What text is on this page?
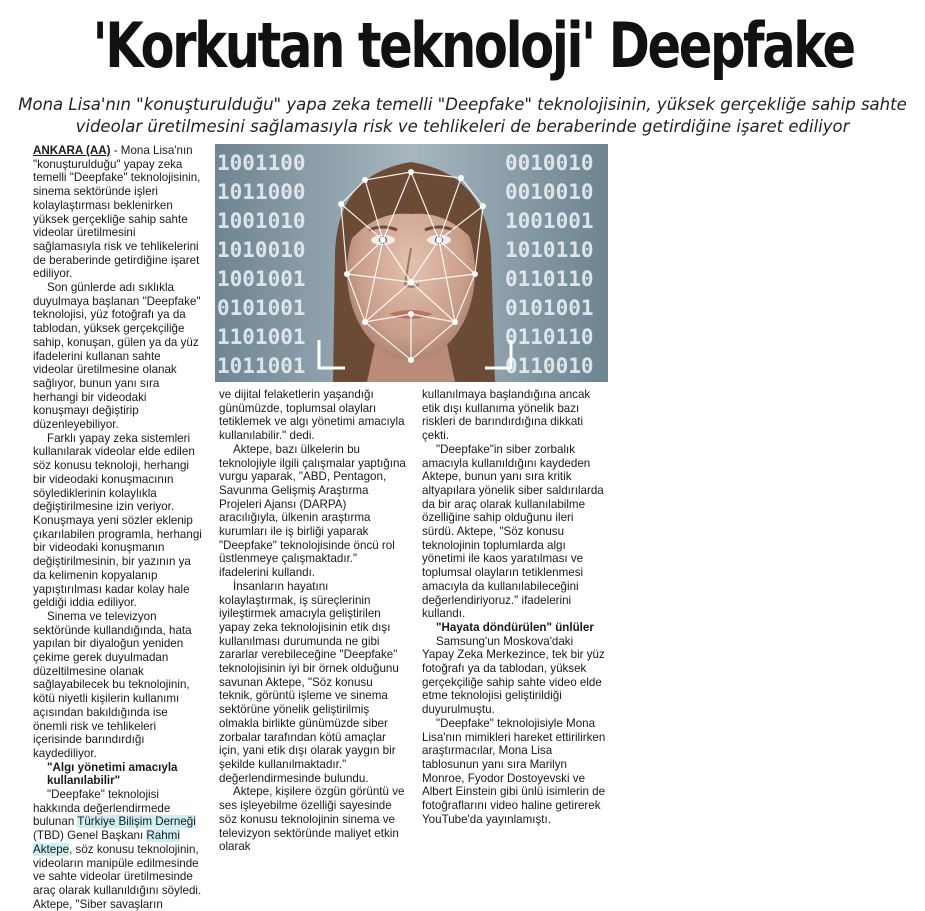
'Korkutan teknoloji' Deepfake
Mona Lisa'nın "konuşturulduğu" yapa zeka temelli "Deepfake" teknolojisinin, yüksek gerçekliğe sahip sahte videolar üretilmesini sağlamasıyla risk ve tehlikeleri de beraberinde getirdiğine işaret ediliyor

ANKARA (AA) - Mona Lisa'nın "konuşturulduğu" yapay zeka temelli "Deepfake" teknolojisinin, sinema sektöründe işleri kolaylaştırması beklenirken yüksek gerçekliğe sahip sahte videolar üretilmesini sağlamasıyla risk ve tehlikelerini de beraberinde getirdiğine işaret ediliyor.

Son günlerde adı sıklıkla duyulmaya başlanan "Deepfake" teknolojisi, yüz fotoğrafı ya da tablodan, yüksek gerçekçiliğe sahip, konuşan, gülen ya da yüz ifadelerini kullanan sahte videolar üretilmesine olanak sağlıyor, bunun yanı sıra herhangi bir videodaki konuşmayı değiştirip düzenleyebiliyor.

Farklı yapay zeka sistemleri kullanılarak videolar elde edilen söz konusu teknoloji, herhangi bir videodaki konuşmacının söylediklerinin kolaylıkla değiştirilmesine izin veriyor. Konuşmaya yeni sözler eklenip çıkarılabilen programla, herhangi bir videodaki konuşmanın değiştirilmesinin, bir yazının ya da kelimenin kopyalanıp yapıştırılması kadar kolay hale geldiği iddia ediliyor.

Sinema ve televizyon sektöründe kullandığında, hata yapılan bir diyaloğun yeniden çekime gerek duyulmadan düzeltilmesine olanak sağlayabilecek bu teknolojinin, kötü niyetli kişilerin kullanımı açısından bakıldığında ise önemli risk ve tehlikeleri içerisinde barındırdığı kaydediliyor.

"Algı yönetimi amacıyla kullanılabilir"

"Deepfake" teknolojisi hakkında değerlendirmede bulunan Türkiye Bilişim Derneği (TBD) Genel Başkanı Rahmi Aktepe, söz konusu teknolojinin, videoların manipüle edilmesinde ve sahte videolar üretilmesinde araç olarak kullanıldığını söyledi. Aktepe, "Siber savaşların

1001100	0010010
1011000	0010010
1001010	1001001
1010010	1010110
1001001	0110110
0101001	0101001
1101001	0110110
1011001	0110010

ve dijital felaketlerin yaşandığı günümüzde, toplumsal olayları tetiklemek ve algı yönetimi amacıyla kullanılabilir." dedi.

Aktepe, bazı ülkelerin bu teknolojiyle ilgili çalışmalar yaptığına vurgu yaparak, "ABD, Pentagon, Savunma Gelişmiş Araştırma Projeleri Ajansı (DARPA) aracılığıyla, ülkenin araştırma kurumları ile iş birliği yaparak "Deepfake" teknolojisinde öncü rol üstlenmeye çalışmaktadır." ifadelerini kullandı.

İnsanların hayatını kolaylaştırmak, iş süreçlerinin iyileştirmek amacıyla geliştirilen yapay zeka teknolojisinin etik dışı kullanılması durumunda ne gibi zararlar verebileceğine "Deepfake" teknolojisinin iyi bir örnek olduğunu savunan Aktepe, "Söz konusu teknik, görüntü işleme ve sinema sektörüne yönelik geliştirilmiş olmakla birlikte günümüzde siber zorbalar tarafından kötü amaçlar için, yani etik dışı olarak yaygın bir şekilde kullanılmaktadır." değerlendirmesinde bulundu.

Aktepe, kişilere özgün görüntü ve ses işleyebilme özelliği sayesinde söz konusu teknolojinin sinema ve televizyon sektöründe maliyet etkin olarak

kullanılmaya başlandığına ancak etik dışı kullanıma yönelik bazı riskleri de barındırdığına dikkati çekti.

"Deepfake"in siber zorbalık amacıyla kullanıldığını kaydeden Aktepe, bunun yanı sıra kritik altyapılara yönelik siber saldırılarda da bir araç olarak kullanılabilme özelliğine sahip olduğunu ileri sürdü. Aktepe, "Söz konusu teknolojinin toplumlarda algı yönetimi ile kaos yaratılması ve toplumsal olayların tetiklenmesi amacıyla da kullanılabileceğini değerlendiriyoruz." ifadelerini kullandı.

"Hayata döndürülen" ünlüler

Samsung'un Moskova'daki Yapay Zeka Merkezince, tek bir yüz fotoğrafı ya da tablodan, yüksek gerçekçiliğe sahip sahte video elde etme teknolojisi geliştirildiği duyurulmuştu.

"Deepfake" teknolojisiyle Mona Lisa'nın mimikleri hareket ettirilirken araştırmacılar, Mona Lisa tablosunun yanı sıra Marilyn Monroe, Fyodor Dostoyevski ve Albert Einstein gibi ünlü isimlerin de fotoğraflarını video haline getirerek YouTube'da yayınlamıştı.
